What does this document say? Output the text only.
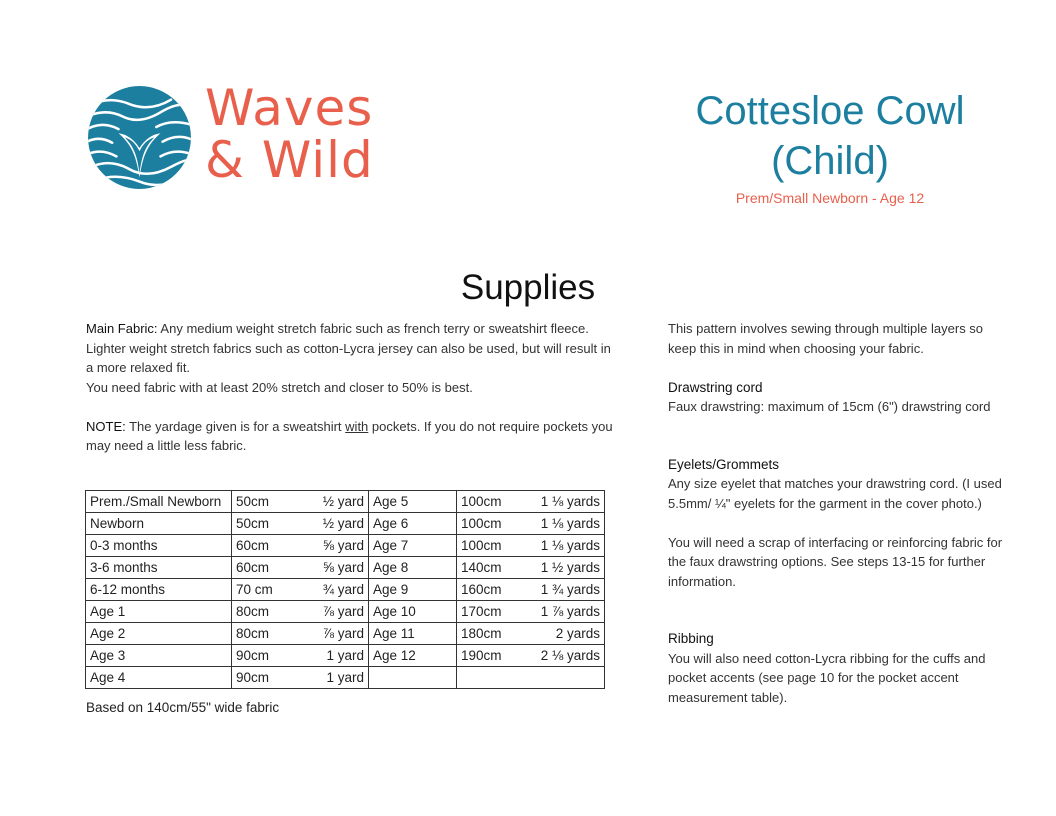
Waves
& Wild
Cottesloe Cowl
(Child)
Prem/Small Newborn - Age 12
Supplies

Main Fabric: Any medium weight stretch fabric such as french terry or sweatshirt fleece. Lighter weight stretch fabrics such as cotton-Lycra jersey can also be used, but will result in a more relaxed fit.

You need fabric with at least 20% stretch and closer to 50% is best.

NOTE: The yardage given is for a sweatshirt with pockets. If you do not require pockets you may need a little less fabric.

Prem./Small Newborn	50cm ½ yard	Age 5	100cm 1 ⅛ yards

Newborn	50cm ½ yard	Age 6	100cm 1 ⅛ yards

0-3 months	60cm ⅝ yard	Age 7	100cm 1 ⅛ yards

3-6 months	60cm ⅝ yard	Age 8	140cm 1 ½ yards

6-12 months	70 cm ¾ yard	Age 9	160cm 1 ¾ yards

Age 1	80cm ⅞ yard	Age 10	170cm 1 ⅞ yards

Age 2	80cm ⅞ yard	Age 11	180cm 2 yards

Age 3	90cm 1 yard	Age 12	190cm 2 ⅛ yards

Age 4	90cm 1 yard		

Based on 140cm/55" wide fabric

This pattern involves sewing through multiple layers so keep this in mind when choosing your fabric.

Drawstring cord

Faux drawstring: maximum of 15cm (6") drawstring cord

Eyelets/Grommets

Any size eyelet that matches your drawstring cord. (I used 5.5mm/ ¼" eyelets for the garment in the cover photo.)

You will need a scrap of interfacing or reinforcing fabric for the faux drawstring options. See steps 13-15 for further information.

Ribbing

You will also need cotton-Lycra ribbing for the cuffs and pocket accents (see page 10 for the pocket accent measurement table).
